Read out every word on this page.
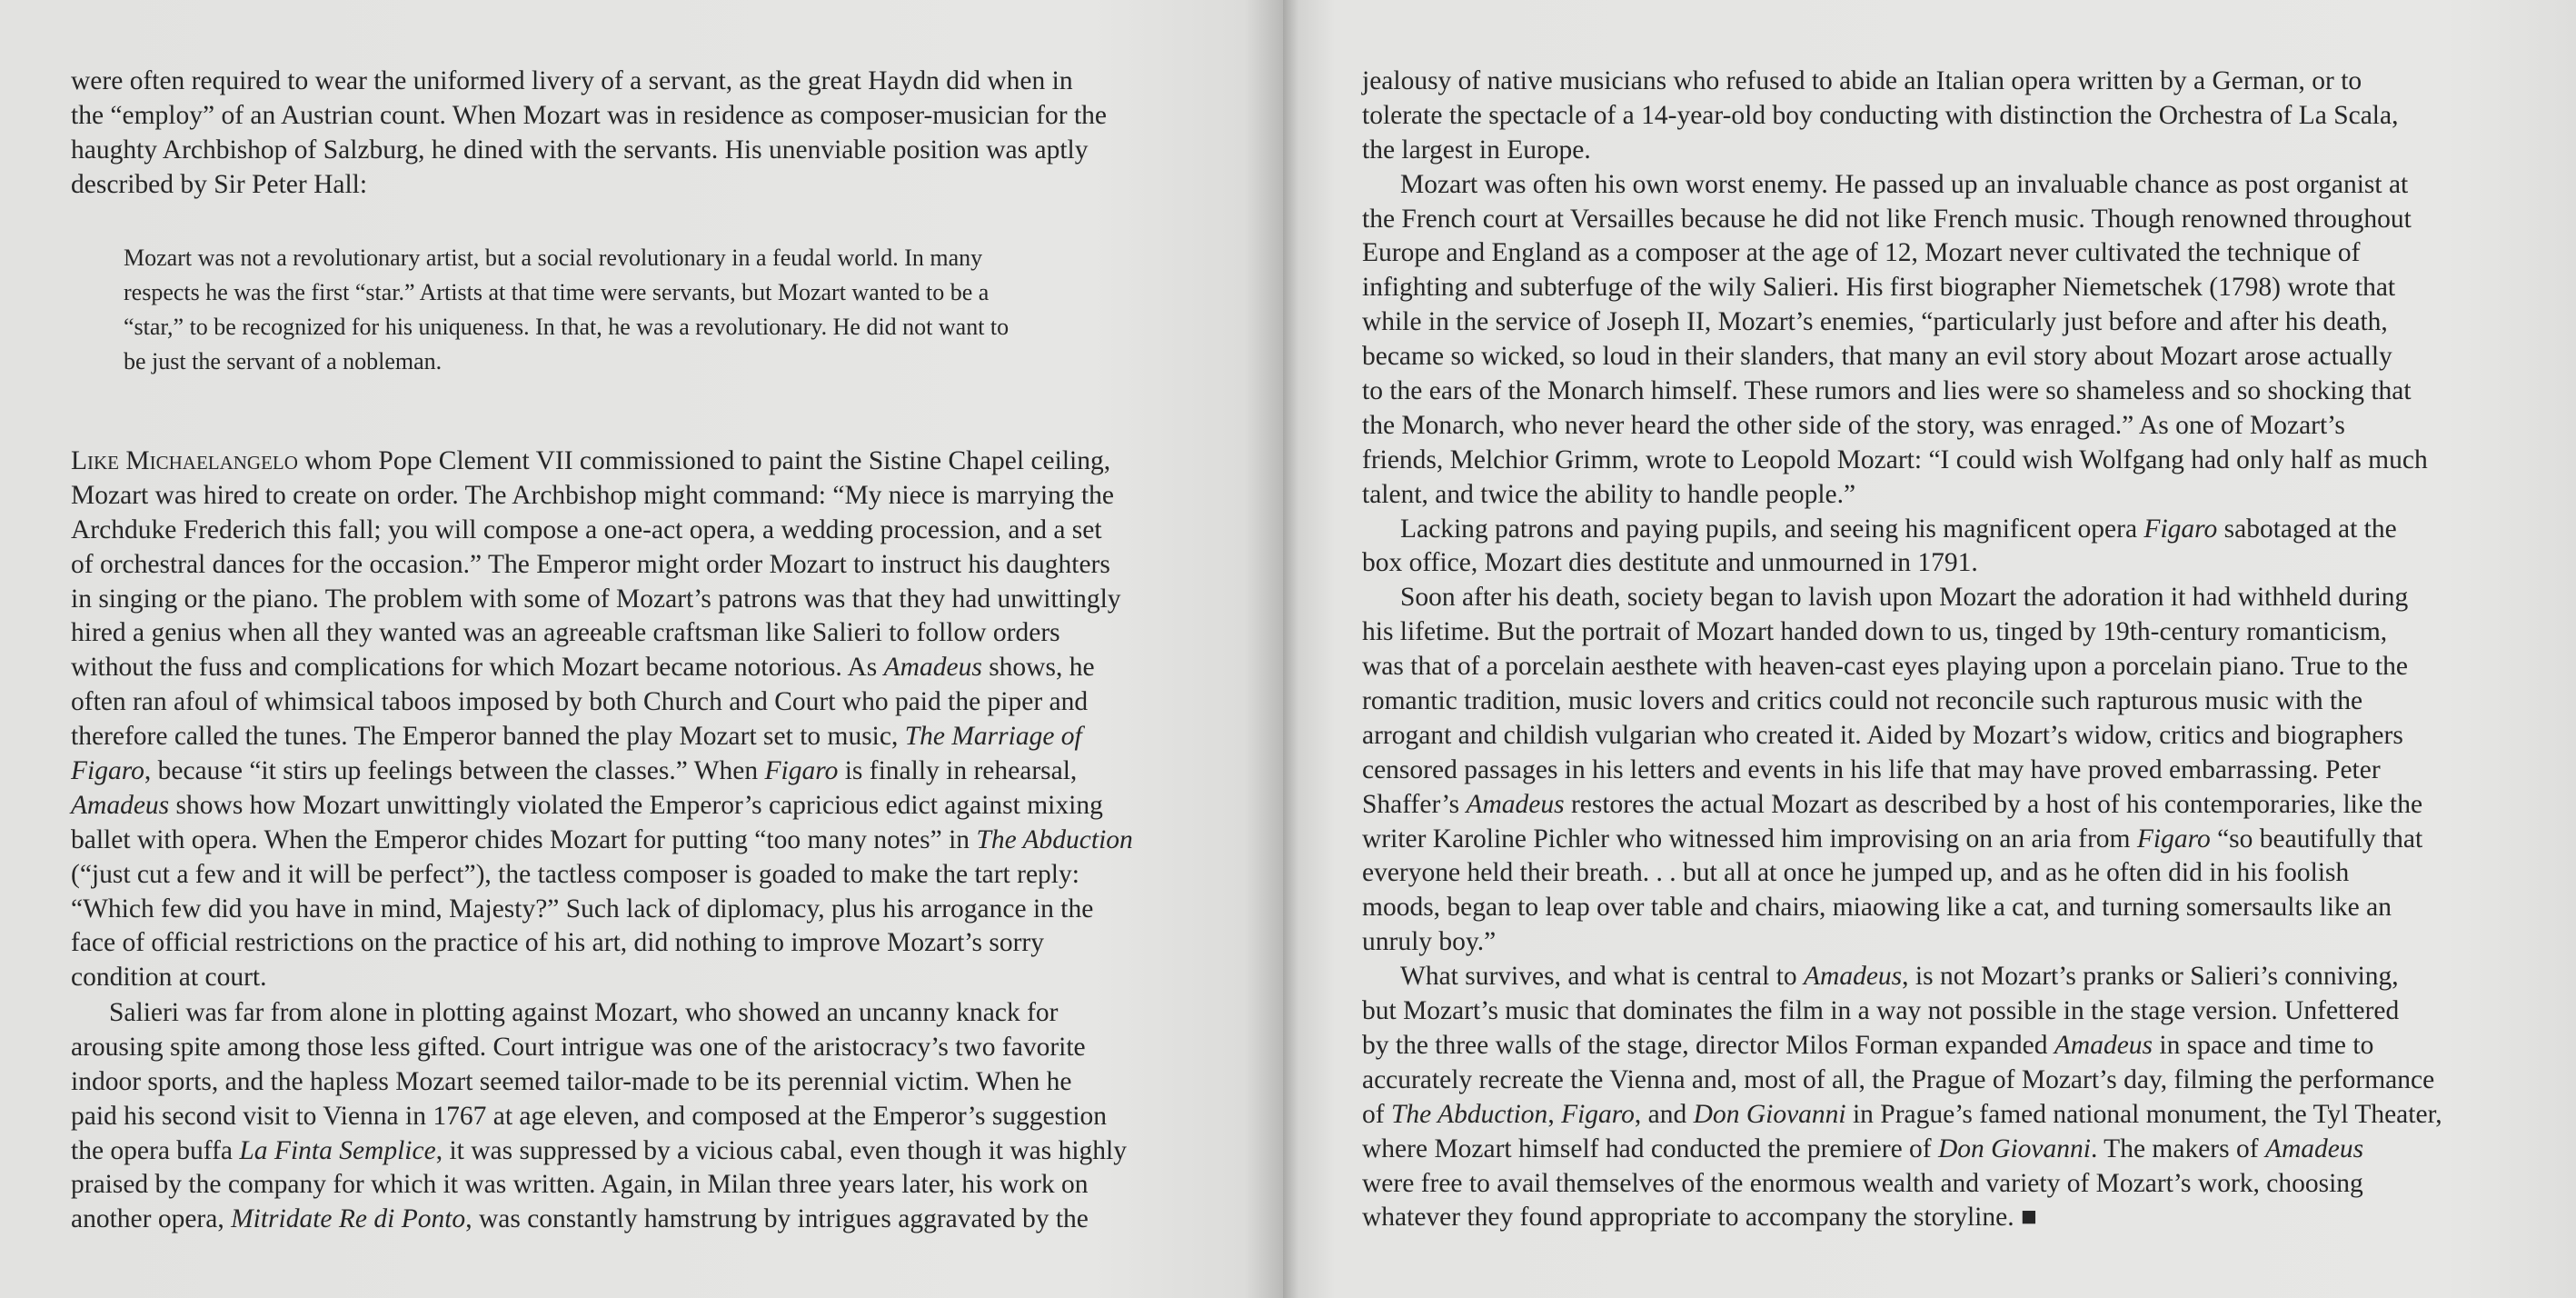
were often required to wear the uniformed livery of a servant, as the great Haydn did when in
the “employ” of an Austrian count. When Mozart was in residence as composer-musician for the
haughty Archbishop of Salzburg, he dined with the servants. His unenviable position was aptly
described by Sir Peter Hall:
Mozart was not a revolutionary artist, but a social revolutionary in a feudal world. In many
respects he was the first “star.” Artists at that time were servants, but Mozart wanted to be a
“star,” to be recognized for his uniqueness. In that, he was a revolutionary. He did not want to
be just the servant of a nobleman.
Like Michaelangelo whom Pope Clement VII commissioned to paint the Sistine Chapel ceiling,
Mozart was hired to create on order. The Archbishop might command: “My niece is marrying the
Archduke Frederich this fall; you will compose a one-act opera, a wedding procession, and a set
of orchestral dances for the occasion.” The Emperor might order Mozart to instruct his daughters
in singing or the piano. The problem with some of Mozart’s patrons was that they had unwittingly
hired a genius when all they wanted was an agreeable craftsman like Salieri to follow orders
without the fuss and complications for which Mozart became notorious. As Amadeus shows, he
often ran afoul of whimsical taboos imposed by both Church and Court who paid the piper and
therefore called the tunes. The Emperor banned the play Mozart set to music, The Marriage of
Figaro, because “it stirs up feelings between the classes.” When Figaro is finally in rehearsal,
Amadeus shows how Mozart unwittingly violated the Emperor’s capricious edict against mixing
ballet with opera. When the Emperor chides Mozart for putting “too many notes” in The Abduction
(“just cut a few and it will be perfect”), the tactless composer is goaded to make the tart reply:
“Which few did you have in mind, Majesty?” Such lack of diplomacy, plus his arrogance in the
face of official restrictions on the practice of his art, did nothing to improve Mozart’s sorry
condition at court.
Salieri was far from alone in plotting against Mozart, who showed an uncanny knack for
arousing spite among those less gifted. Court intrigue was one of the aristocracy’s two favorite
indoor sports, and the hapless Mozart seemed tailor-made to be its perennial victim. When he
paid his second visit to Vienna in 1767 at age eleven, and composed at the Emperor’s suggestion
the opera buffa La Finta Semplice, it was suppressed by a vicious cabal, even though it was highly
praised by the company for which it was written. Again, in Milan three years later, his work on
another opera, Mitridate Re di Ponto, was constantly hamstrung by intrigues aggravated by the
jealousy of native musicians who refused to abide an Italian opera written by a German, or to
tolerate the spectacle of a 14-year-old boy conducting with distinction the Orchestra of La Scala,
the largest in Europe.
Mozart was often his own worst enemy. He passed up an invaluable chance as post organist at
the French court at Versailles because he did not like French music. Though renowned throughout
Europe and England as a composer at the age of 12, Mozart never cultivated the technique of
infighting and subterfuge of the wily Salieri. His first biographer Niemetschek (1798) wrote that
while in the service of Joseph II, Mozart’s enemies, “particularly just before and after his death,
became so wicked, so loud in their slanders, that many an evil story about Mozart arose actually
to the ears of the Monarch himself. These rumors and lies were so shameless and so shocking that
the Monarch, who never heard the other side of the story, was enraged.” As one of Mozart’s
friends, Melchior Grimm, wrote to Leopold Mozart: “I could wish Wolfgang had only half as much
talent, and twice the ability to handle people.”
Lacking patrons and paying pupils, and seeing his magnificent opera Figaro sabotaged at the
box office, Mozart dies destitute and unmourned in 1791.
Soon after his death, society began to lavish upon Mozart the adoration it had withheld during
his lifetime. But the portrait of Mozart handed down to us, tinged by 19th-century romanticism,
was that of a porcelain aesthete with heaven-cast eyes playing upon a porcelain piano. True to the
romantic tradition, music lovers and critics could not reconcile such rapturous music with the
arrogant and childish vulgarian who created it. Aided by Mozart’s widow, critics and biographers
censored passages in his letters and events in his life that may have proved embarrassing. Peter
Shaffer’s Amadeus restores the actual Mozart as described by a host of his contemporaries, like the
writer Karoline Pichler who witnessed him improvising on an aria from Figaro “so beautifully that
everyone held their breath. . . but all at once he jumped up, and as he often did in his foolish
moods, began to leap over table and chairs, miaowing like a cat, and turning somersaults like an
unruly boy.”
What survives, and what is central to Amadeus, is not Mozart’s pranks or Salieri’s conniving,
but Mozart’s music that dominates the film in a way not possible in the stage version. Unfettered
by the three walls of the stage, director Milos Forman expanded Amadeus in space and time to
accurately recreate the Vienna and, most of all, the Prague of Mozart’s day, filming the performance
of The Abduction, Figaro, and Don Giovanni in Prague’s famed national monument, the Tyl Theater,
where Mozart himself had conducted the premiere of Don Giovanni. The makers of Amadeus
were free to avail themselves of the enormous wealth and variety of Mozart’s work, choosing
whatever they found appropriate to accompany the storyline. ■
